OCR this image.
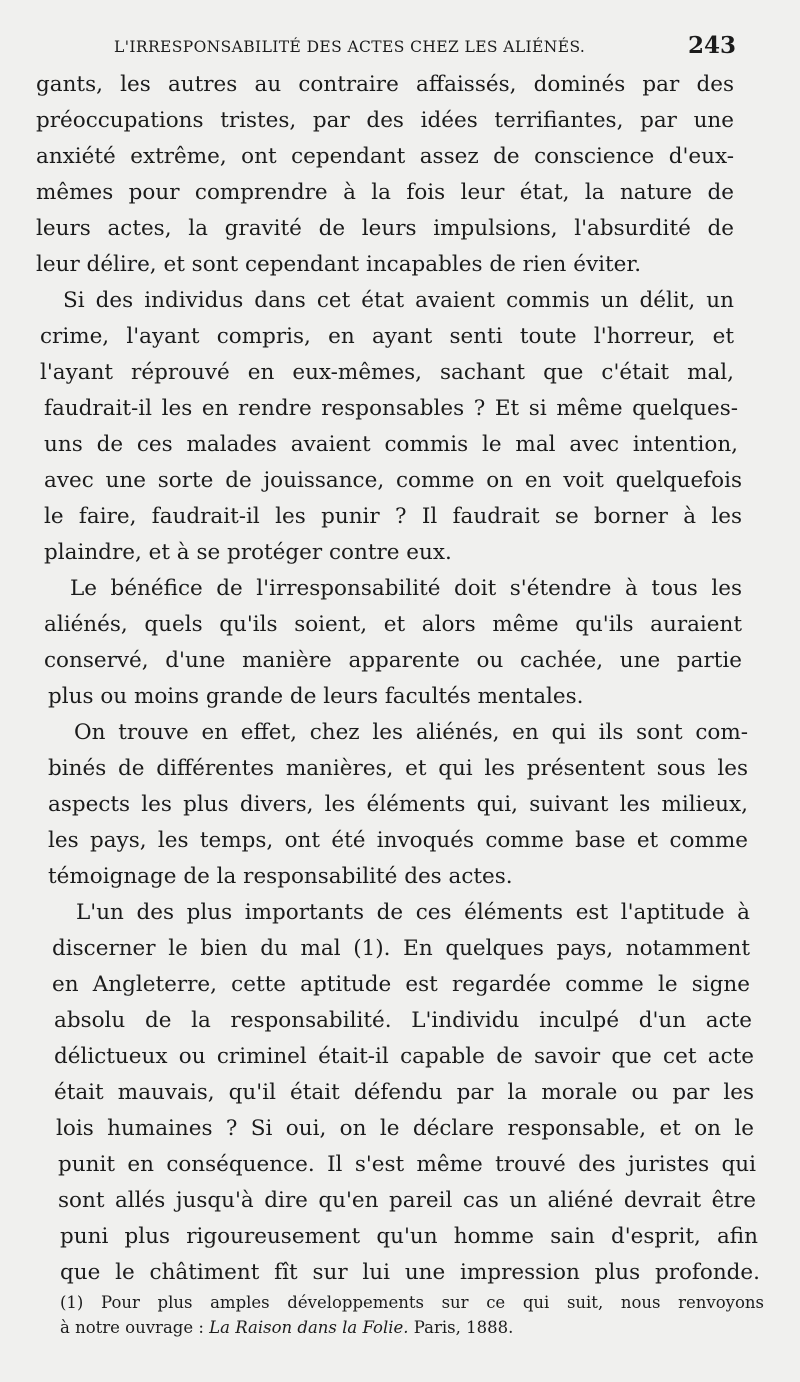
L'IRRESPONSABILITÉ DES ACTES CHEZ LES ALIÉNÉS.	243
gants, les autres au contraire affaissés, dominés par des
préoccupations tristes, par des idées terrifiantes, par une
anxiété extrême, ont cependant assez de conscience d'eux-
mêmes pour comprendre à la fois leur état, la nature de
leurs actes, la gravité de leurs impulsions, l'absurdité de
leur délire, et sont cependant incapables de rien éviter.
Si des individus dans cet état avaient commis un délit, un
crime, l'ayant compris, en ayant senti toute l'horreur, et
l'ayant réprouvé en eux-mêmes, sachant que c'était mal,
faudrait-il les en rendre responsables ? Et si même quelques-
uns de ces malades avaient commis le mal avec intention,
avec une sorte de jouissance, comme on en voit quelquefois
le faire, faudrait-il les punir ? Il faudrait se borner à les
plaindre, et à se protéger contre eux.
Le bénéfice de l'irresponsabilité doit s'étendre à tous les
aliénés, quels qu'ils soient, et alors même qu'ils auraient
conservé, d'une manière apparente ou cachée, une partie
plus ou moins grande de leurs facultés mentales.
On trouve en effet, chez les aliénés, en qui ils sont com-
binés de différentes manières, et qui les présentent sous les
aspects les plus divers, les éléments qui, suivant les milieux,
les pays, les temps, ont été invoqués comme base et comme
témoignage de la responsabilité des actes.
L'un des plus importants de ces éléments est l'aptitude à
discerner le bien du mal (1). En quelques pays, notamment
en Angleterre, cette aptitude est regardée comme le signe
absolu de la responsabilité. L'individu inculpé d'un acte
délictueux ou criminel était-il capable de savoir que cet acte
était mauvais, qu'il était défendu par la morale ou par les
lois humaines ? Si oui, on le déclare responsable, et on le
punit en conséquence. Il s'est même trouvé des juristes qui
sont allés jusqu'à dire qu'en pareil cas un aliéné devrait être
puni plus rigoureusement qu'un homme sain d'esprit, afin
que le châtiment fît sur lui une impression plus profonde.
(1) Pour plus amples développements sur ce qui suit, nous renvoyons
à notre ouvrage : La Raison dans la Folie. Paris, 1888.
